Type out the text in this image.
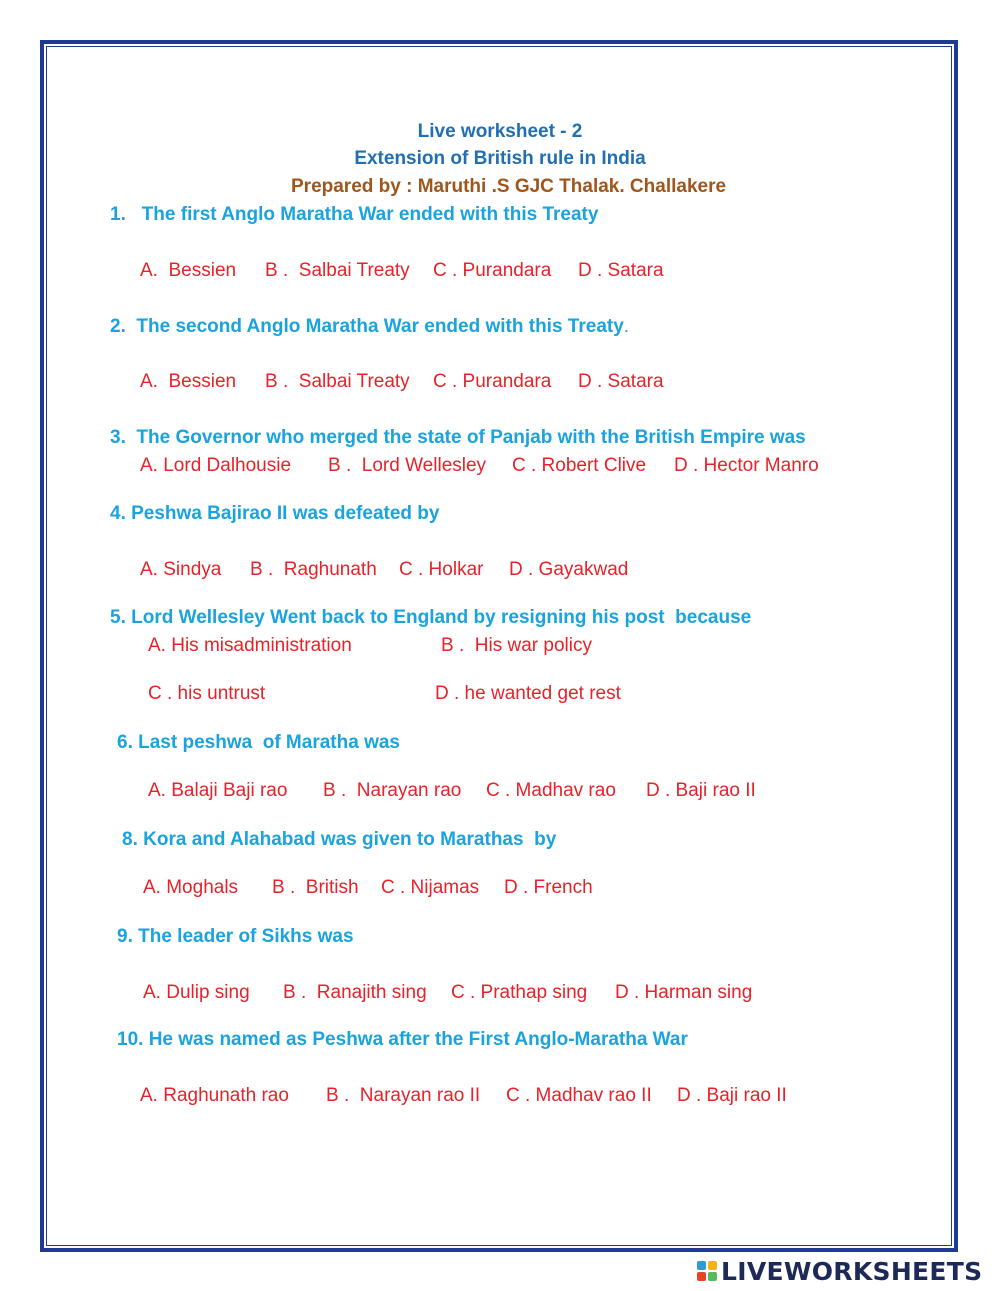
Live worksheet - 2
Extension of British rule in India
Prepared by : Maruthi .S GJC Thalak. Challakere
1.   The first Anglo Maratha War ended with this Treaty
A.  Bessien B .  Salbai Treaty C . Purandara D . Satara
2.  The second Anglo Maratha War ended with this Treaty.
A.  Bessien B .  Salbai Treaty C . Purandara D . Satara
3.  The Governor who merged the state of Panjab with the British Empire was
A. Lord Dalhousie B .  Lord Wellesley C . Robert Clive D . Hector Manro
4. Peshwa Bajirao II was defeated by
A. Sindya B .  Raghunath C . Holkar D . Gayakwad
5. Lord Wellesley Went back to England by resigning his post  because
A. His misadministration	B .  His war policy
C . his untrust	D . he wanted get rest
6. Last peshwa  of Maratha was
A. Balaji Baji rao B .  Narayan rao C . Madhav rao D . Baji rao II
8. Kora and Alahabad was given to Marathas  by
A. Moghals B .  British C . Nijamas D . French
9. The leader of Sikhs was
A. Dulip sing B .  Ranajith sing C . Prathap sing D . Harman sing
10. He was named as Peshwa after the First Anglo-Maratha War
A. Raghunath rao B .  Narayan rao II C . Madhav rao II D . Baji rao II
LIVEWORKSHEETS
